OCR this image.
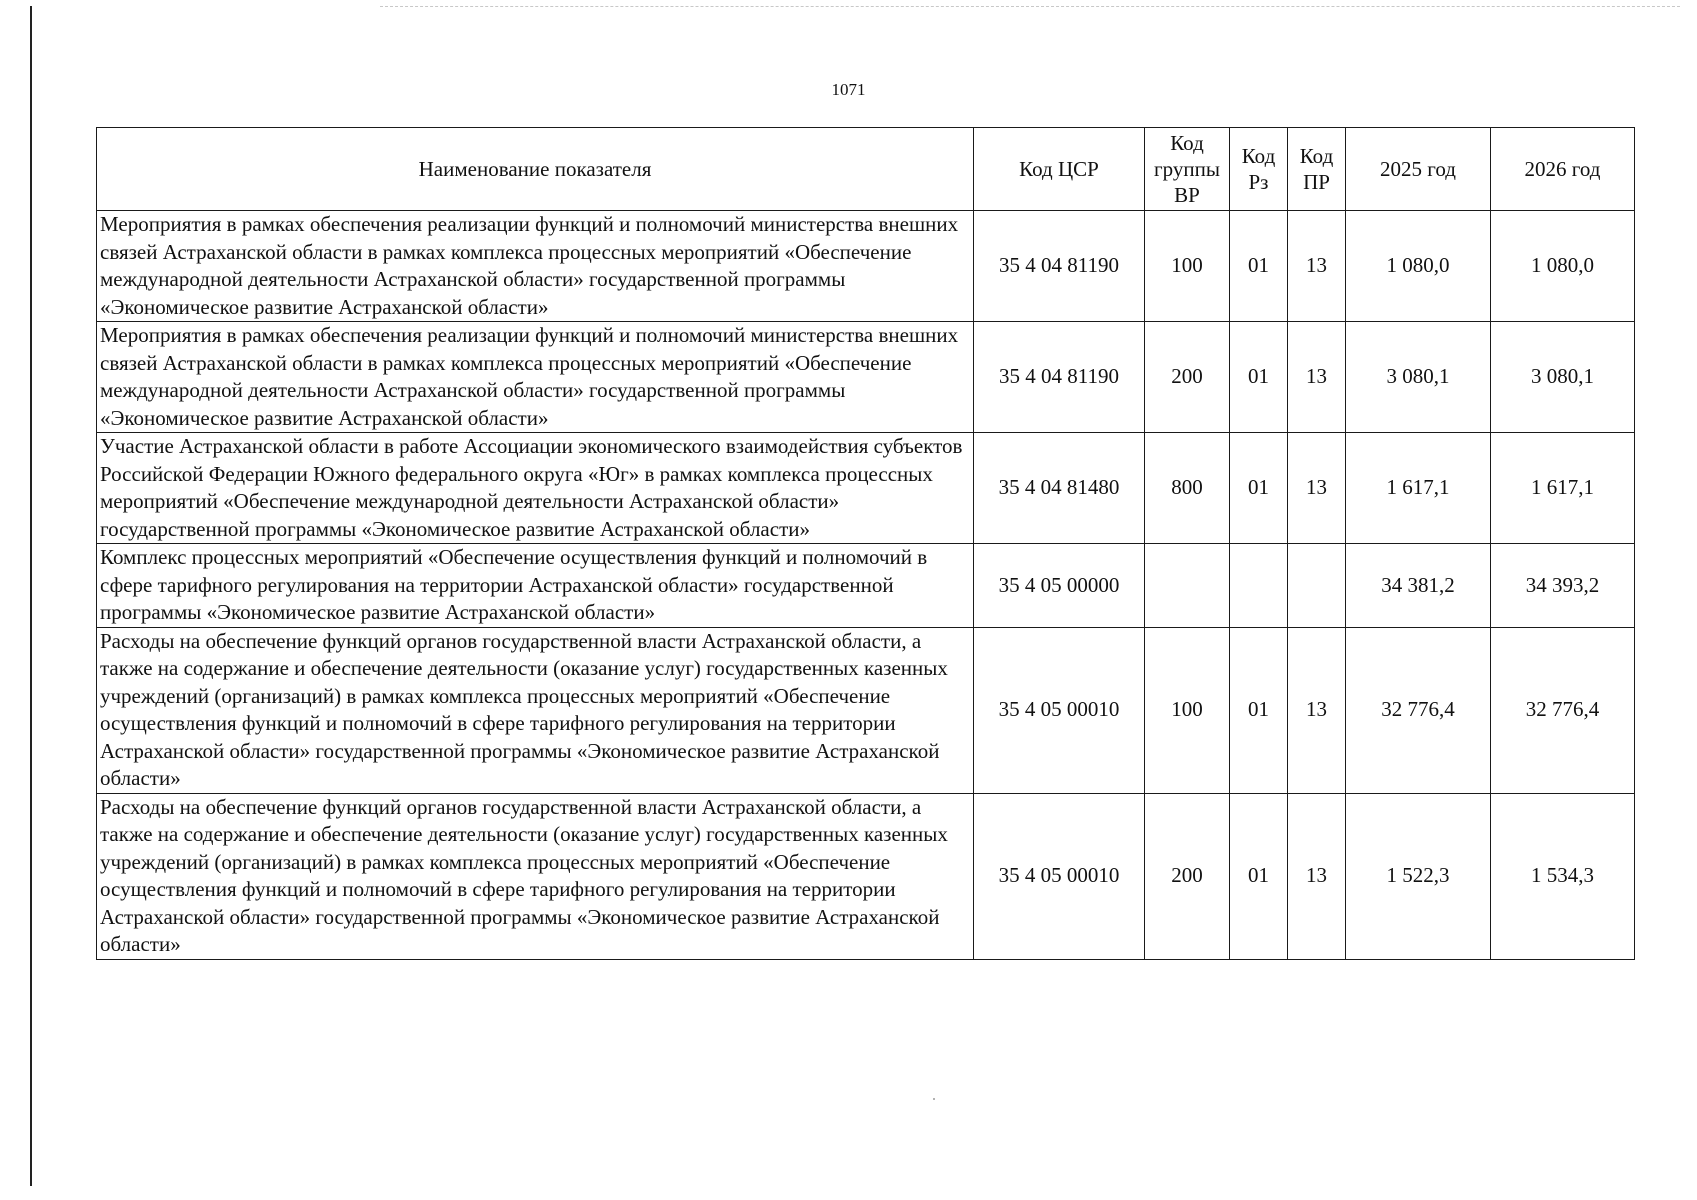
1071
Наименование показателя	Код ЦСР	Код группы ВР	Код Рз	Код ПР	2025 год	2026 год
Мероприятия в рамках обеспечения реализации функций и полномочий министерства внешних связей Астраханской области в рамках комплекса процессных мероприятий «Обеспечение международной деятельности Астраханской области» государственной программы «Экономическое развитие Астраханской области»	35 4 04 81190	100	01	13	1 080,0	1 080,0
Мероприятия в рамках обеспечения реализации функций и полномочий министерства внешних связей Астраханской области в рамках комплекса процессных мероприятий «Обеспечение международной деятельности Астраханской области» государственной программы «Экономическое развитие Астраханской области»	35 4 04 81190	200	01	13	3 080,1	3 080,1
Участие Астраханской области в работе Ассоциации экономического взаимодействия субъектов Российской Федерации Южного федерального округа «Юг» в рамках комплекса процессных мероприятий «Обеспечение международной деятельности Астраханской области» государственной программы «Экономическое развитие Астраханской области»	35 4 04 81480	800	01	13	1 617,1	1 617,1
Комплекс процессных мероприятий «Обеспечение осуществления функций и полномочий в сфере тарифного регулирования на территории Астраханской области» государственной программы «Экономическое развитие Астраханской области»	35 4 05 00000				34 381,2	34 393,2
Расходы на обеспечение функций органов государственной власти Астраханской области, а также на содержание и обеспечение деятельности (оказание услуг) государственных казенных учреждений (организаций) в рамках комплекса процессных мероприятий «Обеспечение осуществления функций и полномочий в сфере тарифного регулирования на территории Астраханской области» государственной программы «Экономическое развитие Астраханской области»	35 4 05 00010	100	01	13	32 776,4	32 776,4
Расходы на обеспечение функций органов государственной власти Астраханской области, а также на содержание и обеспечение деятельности (оказание услуг) государственных казенных учреждений (организаций) в рамках комплекса процессных мероприятий «Обеспечение осуществления функций и полномочий в сфере тарифного регулирования на территории Астраханской области» государственной программы «Экономическое развитие Астраханской области»	35 4 05 00010	200	01	13	1 522,3	1 534,3
